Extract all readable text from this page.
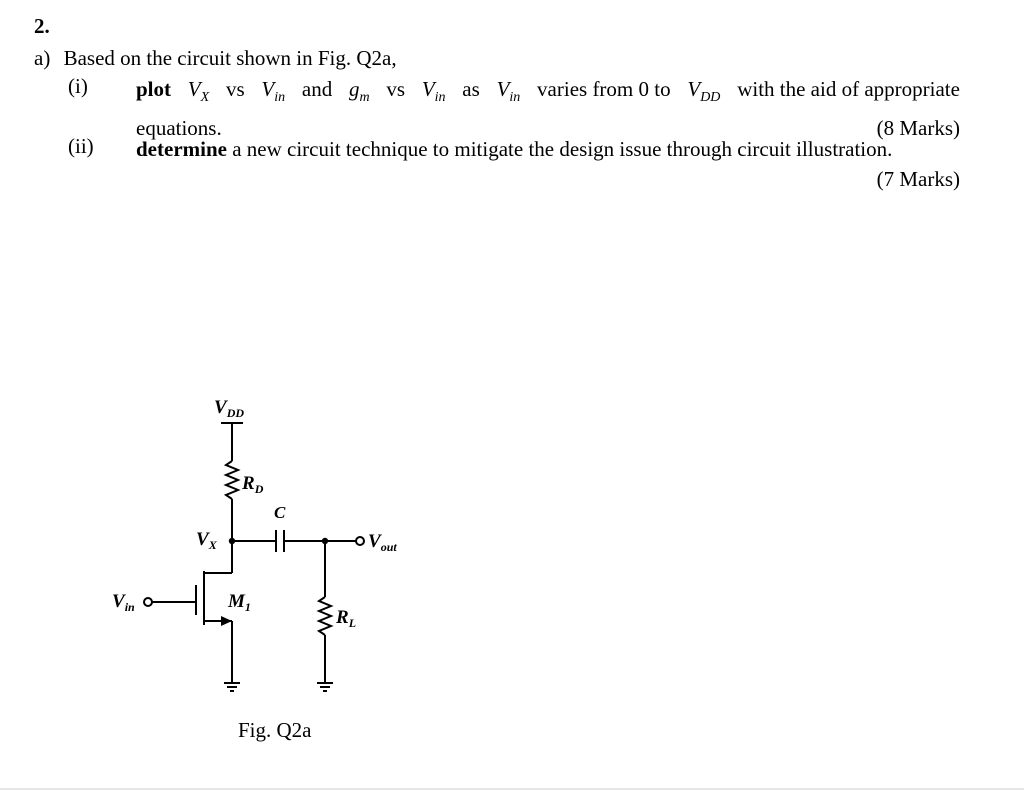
2.
a) Based on the circuit shown in Fig. Q2a,
(i) plot $V_X$ vs $V_{in}$ and $g_m$ vs $V_{in}$ as $V_{in}$ varies from 0 to $V_{DD}$ with the aid of appropriate
equations.	(8 Marks)
(ii) determine a new circuit technique to mitigate the design issue through circuit illustration.
(7 Marks)
$V_{DD}$
$R_D$
C
$V_X$	$V_{out}$
$V_{in}$	$M_1$	$R_L$
Fig. Q2a
